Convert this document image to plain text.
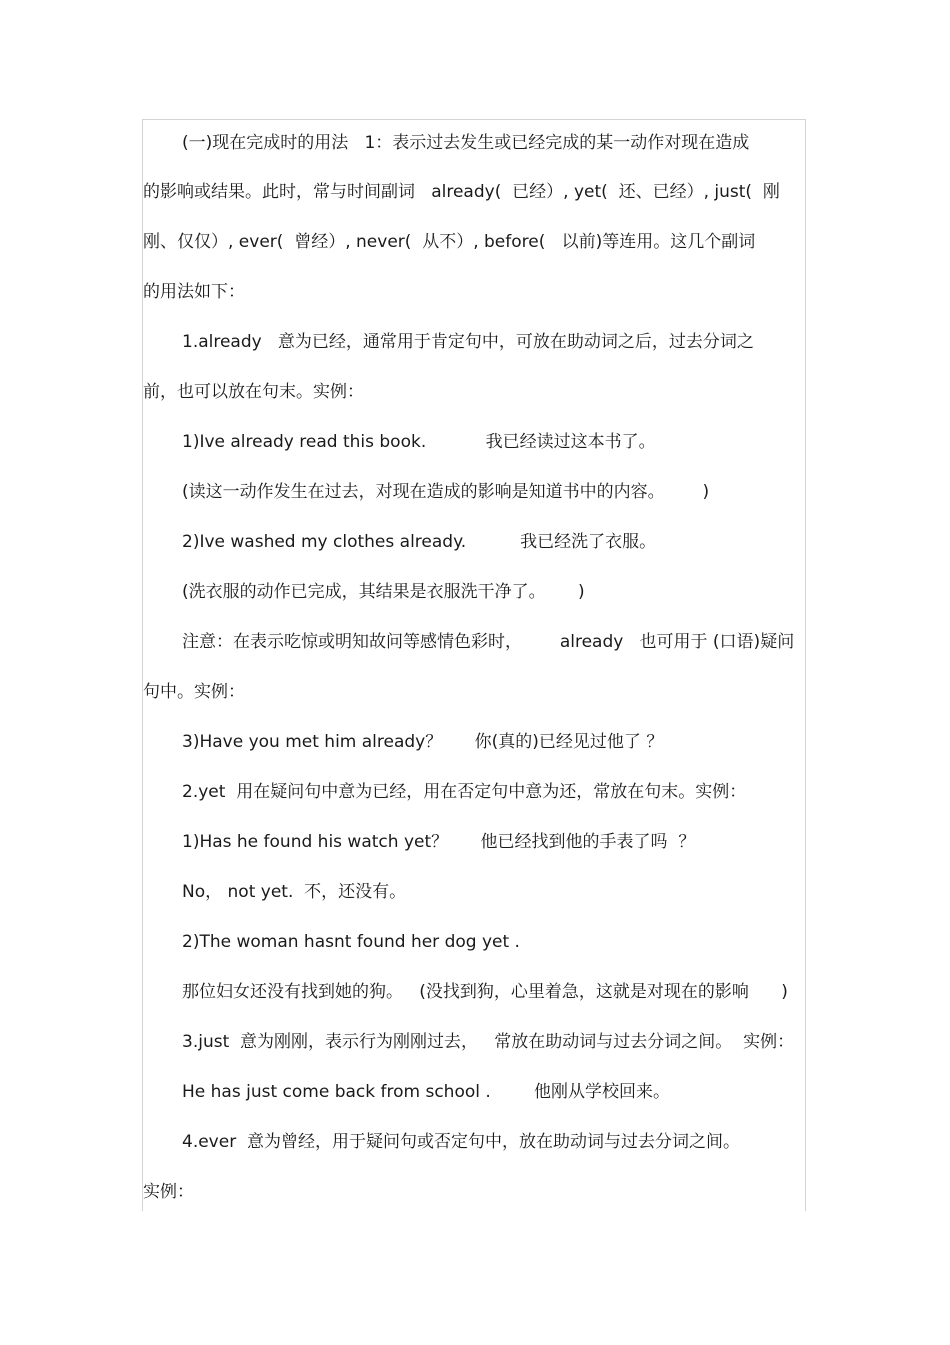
(一)现在完成时的用法   1：表示过去发生或已经完成的某一动作对现在造成
的影响或结果。此时，常与时间副词   already(  已经）, yet(  还、已经）, just(  刚
刚、仅仅）, ever(  曾经）, never(  从不）, before(   以前)等连用。这几个副词
的用法如下：
1.already   意为已经，通常用于肯定句中，可放在助动词之后，过去分词之
前，也可以放在句末。实例：
1)Ive already read this book.           我已经读过这本书了。
(读这一动作发生在过去，对现在造成的影响是知道书中的内容。       )
2)Ive washed my clothes already.          我已经洗了衣服。
(洗衣服的动作已完成，其结果是衣服洗干净了。      )
注意：在表示吃惊或明知故问等感情色彩时，       already   也可用于 (口语)疑问
句中。实例：
3)Have you met him already？      你(真的)已经见过他了 ？
2.yet  用在疑问句中意为已经，用在否定句中意为还，常放在句末。实例：
1)Has he found his watch yet？      他已经找到他的手表了吗  ？
No， not yet.  不，还没有。
2)The woman hasnt found her dog yet .
那位妇女还没有找到她的狗。   (没找到狗，心里着急，这就是对现在的影响      )
3.just  意为刚刚，表示行为刚刚过去，   常放在助动词与过去分词之间。  实例：
He has just come back from school .        他刚从学校回来。
4.ever  意为曾经，用于疑问句或否定句中，放在助动词与过去分词之间。
实例：
